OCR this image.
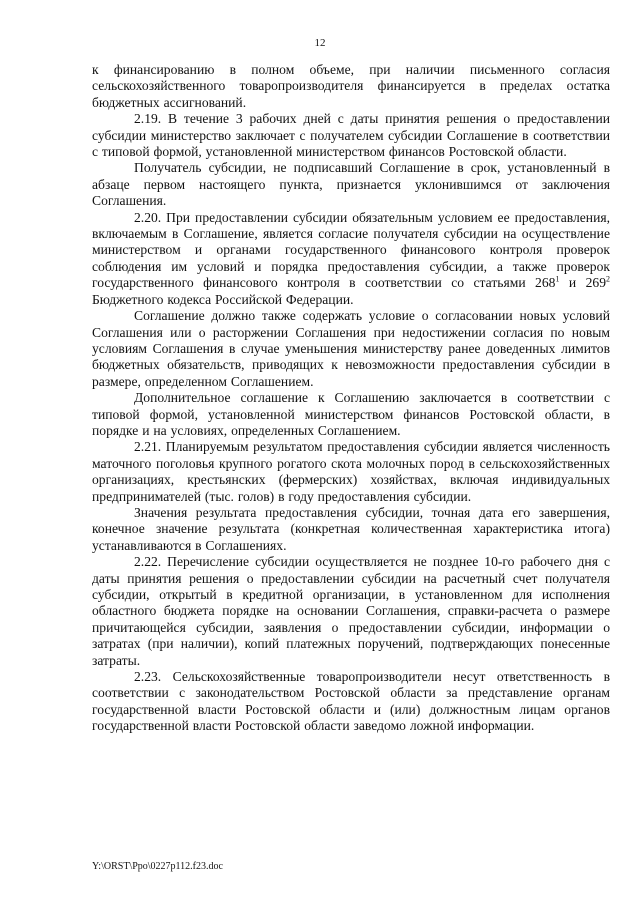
12

к финансированию в полном объеме, при наличии письменного согласия сельскохозяйственного товаропроизводителя финансируется в пределах остатка бюджетных ассигнований.

2.19. В течение 3 рабочих дней с даты принятия решения о предоставлении субсидии министерство заключает с получателем субсидии Соглашение в соответствии с типовой формой, установленной министерством финансов Ростовской области.

Получатель субсидии, не подписавший Соглашение в срок, установленный в абзаце первом настоящего пункта, признается уклонившимся от заключения Соглашения.

2.20. При предоставлении субсидии обязательным условием ее предоставления, включаемым в Соглашение, является согласие получателя субсидии на осуществление министерством и органами государственного финансового контроля проверок соблюдения им условий и порядка предоставления субсидии, а также проверок государственного финансового контроля в соответствии со статьями $268^1$ и $269^2$ Бюджетного кодекса Российской Федерации.

Соглашение должно также содержать условие о согласовании новых условий Соглашения или о расторжении Соглашения при недостижении согласия по новым условиям Соглашения в случае уменьшения министерству ранее доведенных лимитов бюджетных обязательств, приводящих к невозможности предоставления субсидии в размере, определенном Соглашением.

Дополнительное соглашение к Соглашению заключается в соответствии с типовой формой, установленной министерством финансов Ростовской области, в порядке и на условиях, определенных Соглашением.

2.21. Планируемым результатом предоставления субсидии является численность маточного поголовья крупного рогатого скота молочных пород в сельскохозяйственных организациях, крестьянских (фермерских) хозяйствах, включая индивидуальных предпринимателей (тыс. голов) в году предоставления субсидии.

Значения результата предоставления субсидии, точная дата его завершения, конечное значение результата (конкретная количественная характеристика итога) устанавливаются в Соглашениях.

2.22. Перечисление субсидии осуществляется не позднее 10-го рабочего дня с даты принятия решения о предоставлении субсидии на расчетный счет получателя субсидии, открытый в кредитной организации, в установленном для исполнения областного бюджета порядке на основании Соглашения, справки-расчета о размере причитающейся субсидии, заявления о предоставлении субсидии, информации о затратах (при наличии), копий платежных поручений, подтверждающих понесенные затраты.

2.23. Сельскохозяйственные товаропроизводители несут ответственность в соответствии с законодательством Ростовской области за представление органам государственной власти Ростовской области и (или) должностным лицам органов государственной власти Ростовской области заведомо ложной информации.

Y:\ORST\Ppo\0227p112.f23.doc
